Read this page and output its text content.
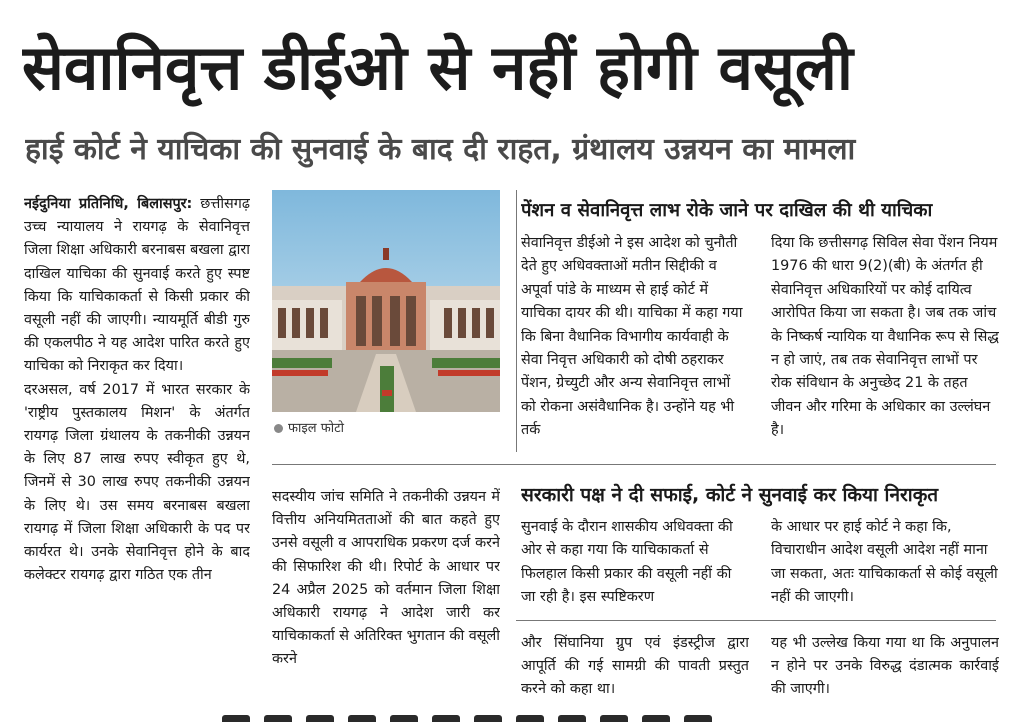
सेवानिवृत्त डीईओ से नहीं होगी वसूली
हाई कोर्ट ने याचिका की सुनवाई के बाद दी राहत, ग्रंथालय उन्नयन का मामला

नईदुनिया प्रतिनिधि, बिलासपुर: छत्तीसगढ़ उच्च न्यायालय ने रायगढ़ के सेवानिवृत्त जिला शिक्षा अधिकारी बरनाबस बखला द्वारा दाखिल याचिका की सुनवाई करते हुए स्पष्ट किया कि याचिकाकर्ता से किसी प्रकार की वसूली नहीं की जाएगी। न्यायमूर्ति बीडी गुरु की एकलपीठ ने यह आदेश पारित करते हुए याचिका को निराकृत कर दिया।

दरअसल, वर्ष 2017 में भारत सरकार के 'राष्ट्रीय पुस्तकालय मिशन' के अंतर्गत रायगढ़ जिला ग्रंथालय के तकनीकी उन्नयन के लिए 87 लाख रुपए स्वीकृत हुए थे, जिनमें से 30 लाख रुपए तकनीकी उन्नयन के लिए थे। उस समय बरनाबस बखला रायगढ़ में जिला शिक्षा अधिकारी के पद पर कार्यरत थे। उनके सेवानिवृत्त होने के बाद कलेक्टर रायगढ़ द्वारा गठित एक तीन

फाइल फोटो
सदस्यीय जांच समिति ने तकनीकी उन्नयन में वित्तीय अनियमितताओं की बात कहते हुए उनसे वसूली व आपराधिक प्रकरण दर्ज करने की सिफारिश की थी। रिपोर्ट के आधार पर 24 अप्रैल 2025 को वर्तमान जिला शिक्षा अधिकारी रायगढ़ ने आदेश जारी कर याचिकाकर्ता से अतिरिक्त भुगतान की वसूली करने
पेंशन व सेवानिवृत्त लाभ रोके जाने पर दाखिल की थी याचिका
सेवानिवृत्त डीईओ ने इस आदेश को चुनौती देते हुए अधिवक्ताओं मतीन सिद्दीकी व अपूर्वा पांडे के माध्यम से हाई कोर्ट में याचिका दायर की थी। याचिका में कहा गया कि बिना वैधानिक विभागीय कार्यवाही के सेवा निवृत्त अधिकारी को दोषी ठहराकर पेंशन, ग्रेच्युटी और अन्य सेवानिवृत्त लाभों को रोकना असंवैधानिक है। उन्होंने यह भी तर्क
दिया कि छत्तीसगढ़ सिविल सेवा पेंशन नियम 1976 की धारा 9(2)(बी) के अंतर्गत ही सेवानिवृत्त अधिकारियों पर कोई दायित्व आरोपित किया जा सकता है। जब तक जांच के निष्कर्ष न्यायिक या वैधानिक रूप से सिद्ध न हो जाएं, तब तक सेवानिवृत्त लाभों पर रोक संविधान के अनुच्छेद 21 के तहत जीवन और गरिमा के अधिकार का उल्लंघन है।
सरकारी पक्ष ने दी सफाई, कोर्ट ने सुनवाई कर किया निराकृत
सुनवाई के दौरान शासकीय अधिवक्ता की ओर से कहा गया कि याचिकाकर्ता से फिलहाल किसी प्रकार की वसूली नहीं की जा रही है। इस स्पष्टिकरण
के आधार पर हाई कोर्ट ने कहा कि, विचाराधीन आदेश वसूली आदेश नहीं माना जा सकता, अतः याचिकाकर्ता से कोई वसूली नहीं की जाएगी।
और सिंघानिया ग्रुप एवं इंडस्ट्रीज द्वारा आपूर्ति की गई सामग्री की पावती प्रस्तुत करने को कहा था।
यह भी उल्लेख किया गया था कि अनुपालन न होने पर उनके विरुद्ध दंडात्मक कार्रवाई की जाएगी।
